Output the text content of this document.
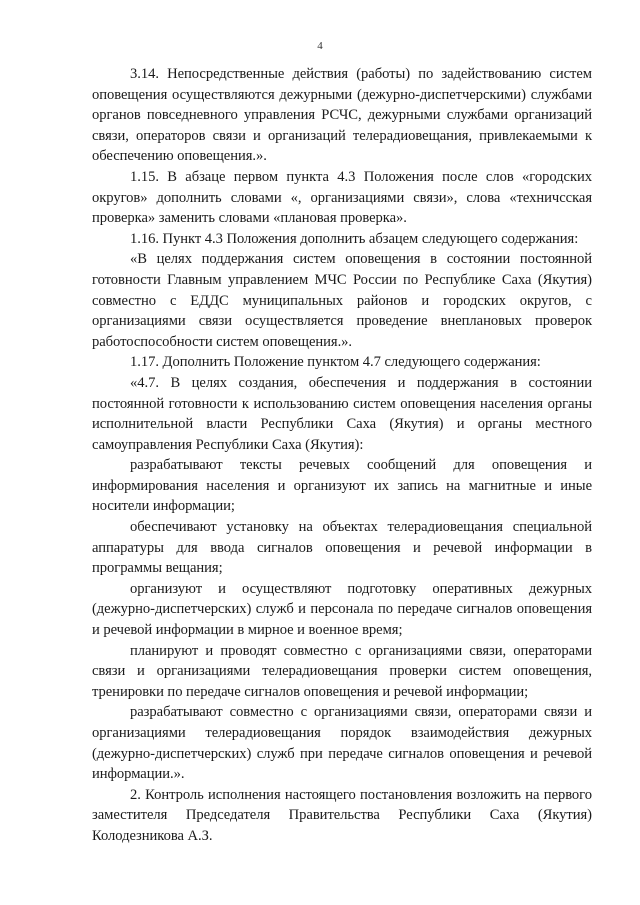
4

3.14. Непосредственные действия (работы) по задействованию систем оповещения осуществляются дежурными (дежурно-диспетчерскими) службами органов повседневного управления РСЧС, дежурными службами организаций связи, операторов связи и организаций телерадиовещания, привлекаемыми к обеспечению оповещения.».

1.15. В абзаце первом пункта 4.3 Положения после слов «городских округов» дополнить словами «, организациями связи», слова «техничсская проверка» заменить словами «плановая проверка».

1.16. Пункт 4.3 Положения дополнить абзацем следующего содержания:

«В целях поддержания систем оповещения в состоянии постоянной готовности Главным управлением МЧС России по Республике Саха (Якутия) совместно с ЕДДС муниципальных районов и городских округов, с организациями связи осуществляется проведение внеплановых проверок работоспособности систем оповещения.».

1.17. Дополнить Положение пунктом 4.7 следующего содержания:

«4.7. В целях создания, обеспечения и поддержания в состоянии постоянной готовности к использованию систем оповещения населения органы исполнительной власти Республики Саха (Якутия) и органы местного самоуправления Республики Саха (Якутия):

разрабатывают тексты речевых сообщений для оповещения и информирования населения и организуют их запись на магнитные и иные носители информации;

обеспечивают установку на объектах телерадиовещания специальной аппаратуры для ввода сигналов оповещения и речевой информации в программы вещания;

организуют и осуществляют подготовку оперативных дежурных (дежурно-диспетчерских) служб и персонала по передаче сигналов оповещения и речевой информации в мирное и военное время;

планируют и проводят совместно с организациями связи, операторами связи и организациями телерадиовещания проверки систем оповещения, тренировки по передаче сигналов оповещения и речевой информации;

разрабатывают совместно с организациями связи, операторами связи и организациями телерадиовещания порядок взаимодействия дежурных (дежурно-диспетчерских) служб при передаче сигналов оповещения и речевой информации.».

2. Контроль исполнения настоящего постановления возложить на первого заместителя Председателя Правительства Республики Саха (Якутия) Колодезникова А.З.
